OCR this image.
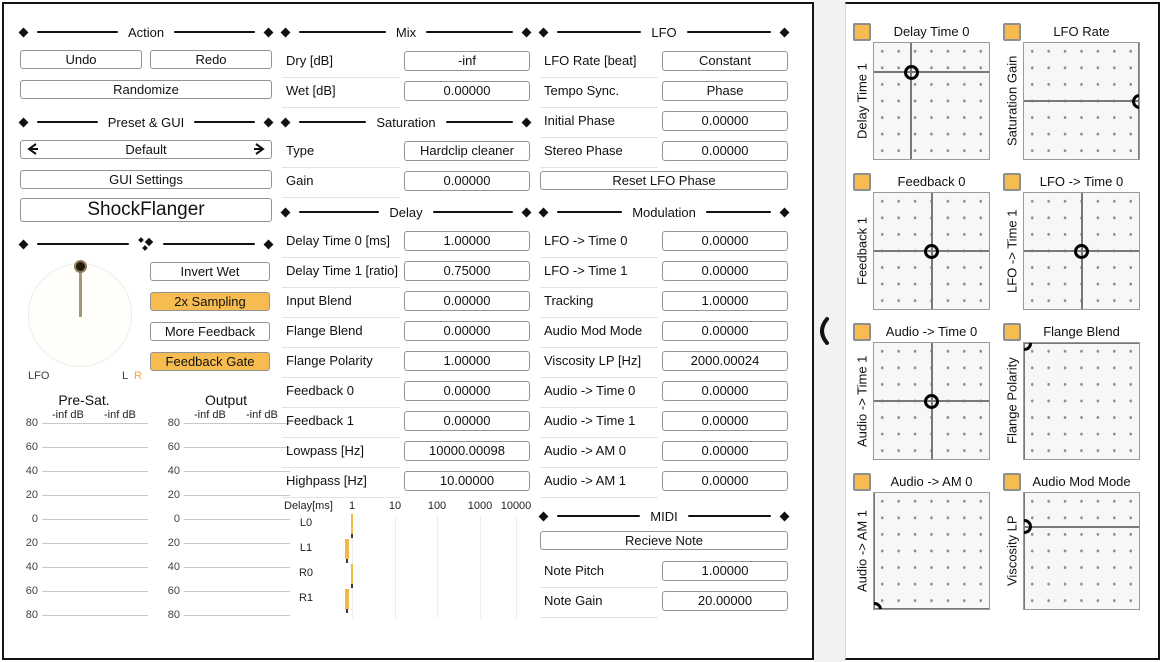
Action
Undo	Redo
Randomize
Preset & GUI
Default
GUI Settings
ShockFlanger
LFO	L R
Invert Wet
2x Sampling
More Feedback
Feedback Gate
Pre-Sat.
-inf dB -inf dB
80
60
40
20
0
20
40
60
80
Output
-inf dB -inf dB
80
60
40
20
0
20
40
60
80
Mix
Dry [dB]	-inf
Wet [dB]	0.00000
Saturation
Type	Hardclip cleaner
Gain	0.00000
Delay
Delay Time 0 [ms]	1.00000
Delay Time 1 [ratio]	0.75000
Input Blend	0.00000
Flange Blend	0.00000
Flange Polarity	1.00000
Feedback 0	0.00000
Feedback 1	0.00000
Lowpass [Hz]	10000.00098
Highpass [Hz]	10.00000
Delay[ms] 1	10 100 1000 10000
L0
L1
R0
R1
LFO
LFO Rate [beat]	Constant
Tempo Sync.	Phase
Initial Phase	0.00000
Stereo Phase	0.00000
Reset LFO Phase
Modulation
LFO -> Time 0	0.00000
LFO -> Time 1	0.00000
Tracking	1.00000
Audio Mod Mode	0.00000
Viscosity LP [Hz]	2000.00024
Audio -> Time 0	0.00000
Audio -> Time 1	0.00000
Audio -> AM 0	0.00000
Audio -> AM 1	0.00000
MIDI
Recieve Note
Note Pitch	1.00000
Note Gain	20.00000
Delay Time 0
Delay Time 1
LFO Rate
Saturation Gain
Feedback 0
Feedback 1
LFO -> Time 0
LFO -> Time 1
Audio -> Time 0
Audio -> Time 1
Flange Blend
Flange Polarity
Audio -> AM 0
Audio -> AM 1
Audio Mod Mode
Viscosity LP
